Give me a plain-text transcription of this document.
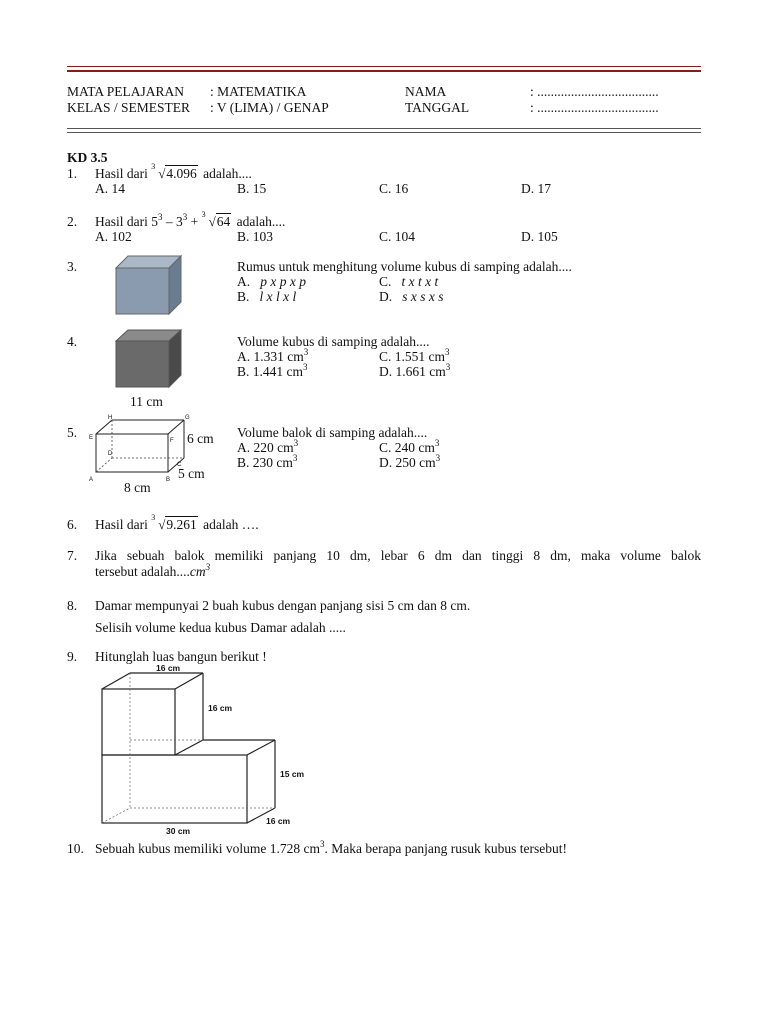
MATA PELAJARAN : MATEMATIKA
KELAS / SEMESTER : V (LIMA) / GENAP
NAMA	: ....................................
TANGGAL	: ....................................
KD 3.5
1. Hasil dari 3 √4.096 adalah....
A. 14	B. 15	C. 16	D. 17
2. Hasil dari $5^3 - 3^3 + 3$ √64 adalah....
A. 102	B. 103	C. 104	D. 105
3.	Rumus untuk menghitung volume kubus di samping adalah....
A. p x p x p	C. t x t x t
B. l x l x l	D. s x s x s
4.
11 cm
Volume kubus di samping adalah....
A. 1.331 $cm^3$	C. 1.551 $cm^3$
B. 1.441 $cm^3$	D. 1.661 $cm^3$
5.
A	B
C
D
E	F
G
H
6 cm
5 cm
8 cm
Volume balok di samping adalah....
A. 220 $cm^3$	C. 240 $cm^3$
B. 230 $cm^3$	D. 250 $cm^3$
6. Hasil dari 3 √9.261 adalah ….
7. Jika sebuah balok memiliki panjang 10 dm, lebar 6 dm dan tinggi 8 dm, maka volume balok
tersebut $adalah....cm^3$
8. Damar mempunyai 2 buah kubus dengan panjang sisi 5 cm dan 8 cm.
Selisih volume kedua kubus Damar adalah .....
9. Hitunglah luas bangun berikut !
16 cm
16 cm
15 cm
16 cm
30 cm
10. Sebuah kubus memiliki volume 1.728 $cm^3$. Maka berapa panjang rusuk kubus tersebut!
